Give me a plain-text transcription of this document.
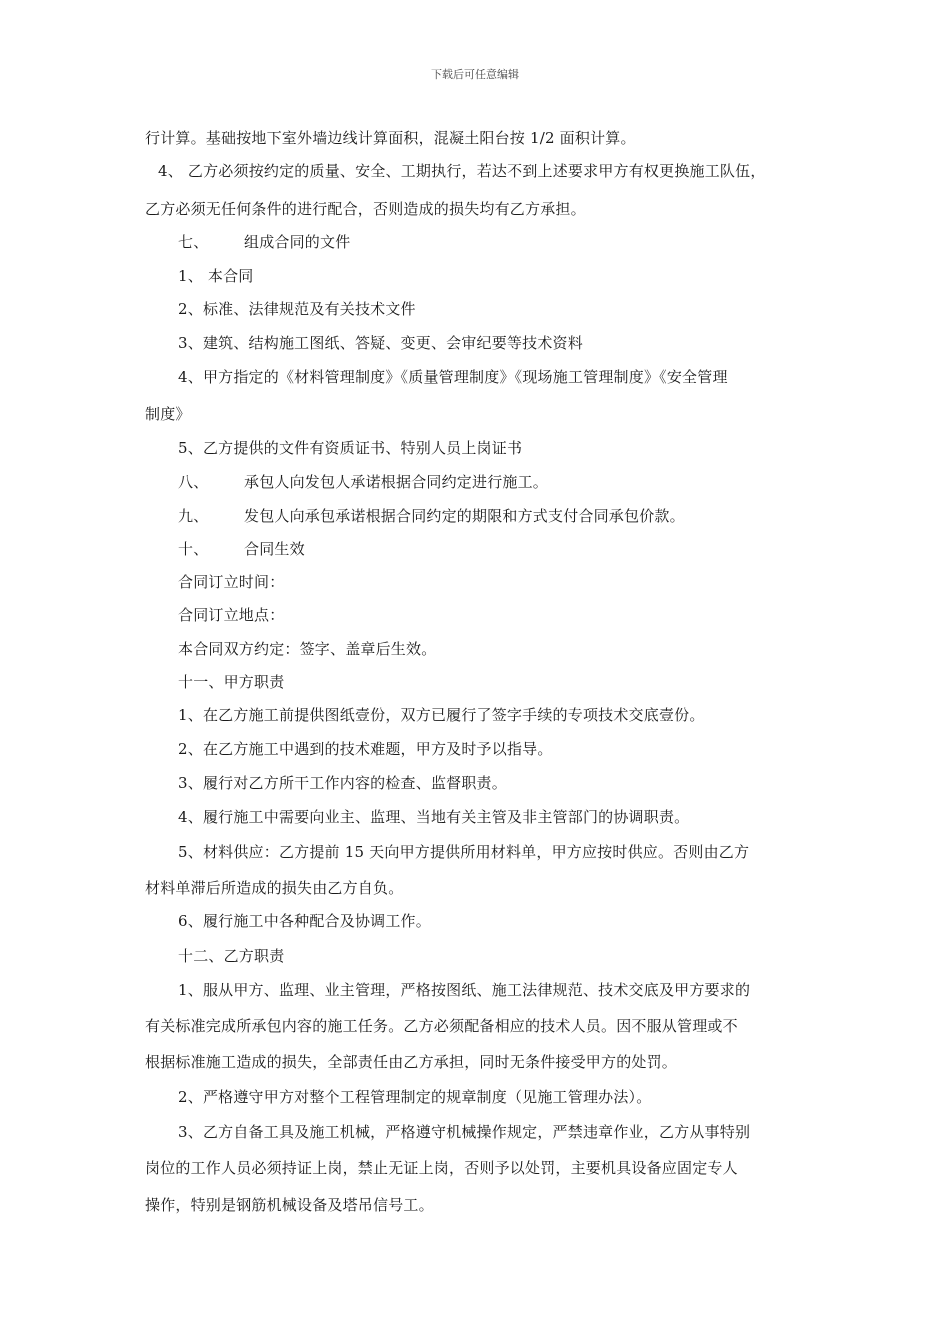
下载后可任意编辑
行计算。基础按地下室外墙边线计算面积，混凝土阳台按 1/2 面积计算。
4、 乙方必须按约定的质量、安全、工期执行，若达不到上述要求甲方有权更换施工队伍，
乙方必须无任何条件的进行配合，否则造成的损失均有乙方承担。
七、 组成合同的文件
1、 本合同
2、标准、法律规范及有关技术文件
3、建筑、结构施工图纸、答疑、变更、会审纪要等技术资料
4、甲方指定的《材料管理制度》《质量管理制度》《现场施工管理制度》《安全管理
制度》
5、乙方提供的文件有资质证书、特别人员上岗证书
八、 承包人向发包人承诺根据合同约定进行施工。
九、 发包人向承包承诺根据合同约定的期限和方式支付合同承包价款。
十、 合同生效
合同订立时间：
合同订立地点：
本合同双方约定：签字、盖章后生效。
十一、甲方职责
1、在乙方施工前提供图纸壹份，双方已履行了签字手续的专项技术交底壹份。
2、在乙方施工中遇到的技术难题，甲方及时予以指导。
3、履行对乙方所干工作内容的检查、监督职责。
4、履行施工中需要向业主、监理、当地有关主管及非主管部门的协调职责。
5、材料供应：乙方提前 15 天向甲方提供所用材料单，甲方应按时供应。否则由乙方
材料单滞后所造成的损失由乙方自负。
6、履行施工中各种配合及协调工作。
十二、乙方职责
1、服从甲方、监理、业主管理，严格按图纸、施工法律规范、技术交底及甲方要求的
有关标准完成所承包内容的施工任务。乙方必须配备相应的技术人员。因不服从管理或不
根据标准施工造成的损失，全部责任由乙方承担，同时无条件接受甲方的处罚。
2、严格遵守甲方对整个工程管理制定的规章制度（见施工管理办法）。
3、乙方自备工具及施工机械，严格遵守机械操作规定，严禁违章作业，乙方从事特别
岗位的工作人员必须持证上岗，禁止无证上岗，否则予以处罚，主要机具设备应固定专人
操作，特别是钢筋机械设备及塔吊信号工。
